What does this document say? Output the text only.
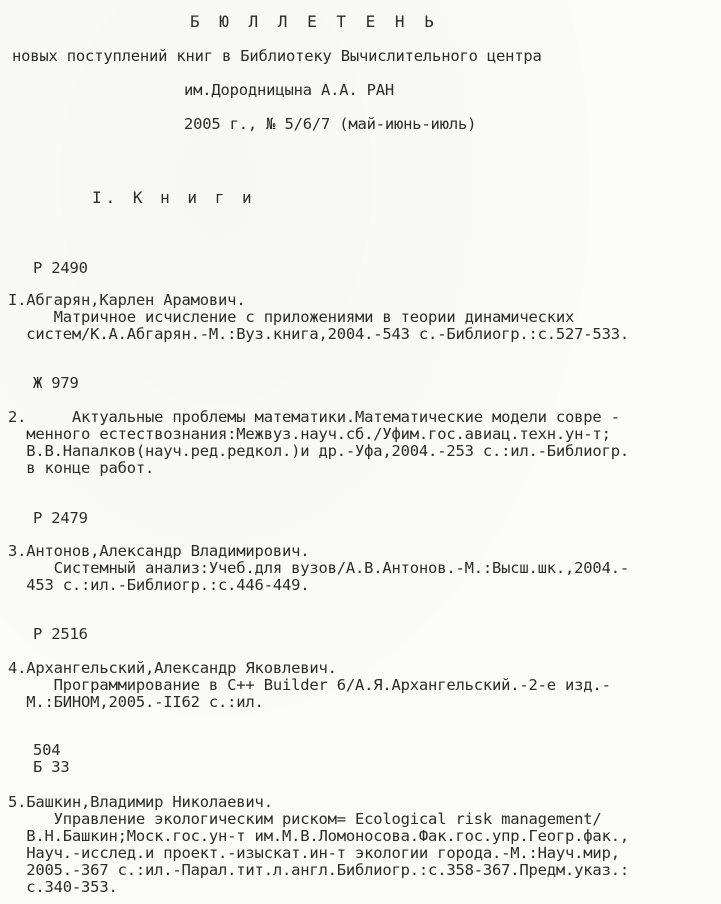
Б Ю Л Л Е Т Е Н Ь
новых поступлений книг в Библиотеку Вычислительного центра
им.Дородницына А.А. РАН
2005 г., № 5/6/7 (май-июнь-июль)
I. К н и г и
Р 2490
I.Абгарян,Карлен Арамович.
Матричное исчисление с приложениями в теории динамических
систем/К.А.Абгарян.-М.:Вуз.книга,2004.-543 с.-Библиогр.:с.527-533.
Ж 979
2.     Актуальные проблемы математики.Математические модели совре -
менного естествознания:Межвуз.науч.сб./Уфим.гос.авиац.техн.ун-т;
В.В.Напалков(науч.ред.редкол.)и др.-Уфа,2004.-253 с.:ил.-Библиогр.
в конце работ.
Р 2479
3.Антонов,Александр Владимирович.
Системный анализ:Учеб.для вузов/А.В.Антонов.-М.:Высш.шк.,2004.-
453 с.:ил.-Библиогр.:с.446-449.
Р 2516
4.Архангельский,Александр Яковлевич.
Программирование в C++ Builder 6/А.Я.Архангельский.-2-е изд.-
М.:БИНОМ,2005.-II62 с.:ил.
504
Б 33
5.Башкин,Владимир Николаевич.
Управление экологическим риском= Ecological risk management/
В.Н.Башкин;Моск.гос.ун-т им.М.В.Ломоносова.Фак.гос.упр.Геогр.фак.,
Науч.-исслед.и проект.-изыскат.ин-т экологии города.-М.:Науч.мир,
2005.-367 с.:ил.-Парал.тит.л.англ.Библиогр.:с.358-367.Предм.указ.:
с.340-353.
